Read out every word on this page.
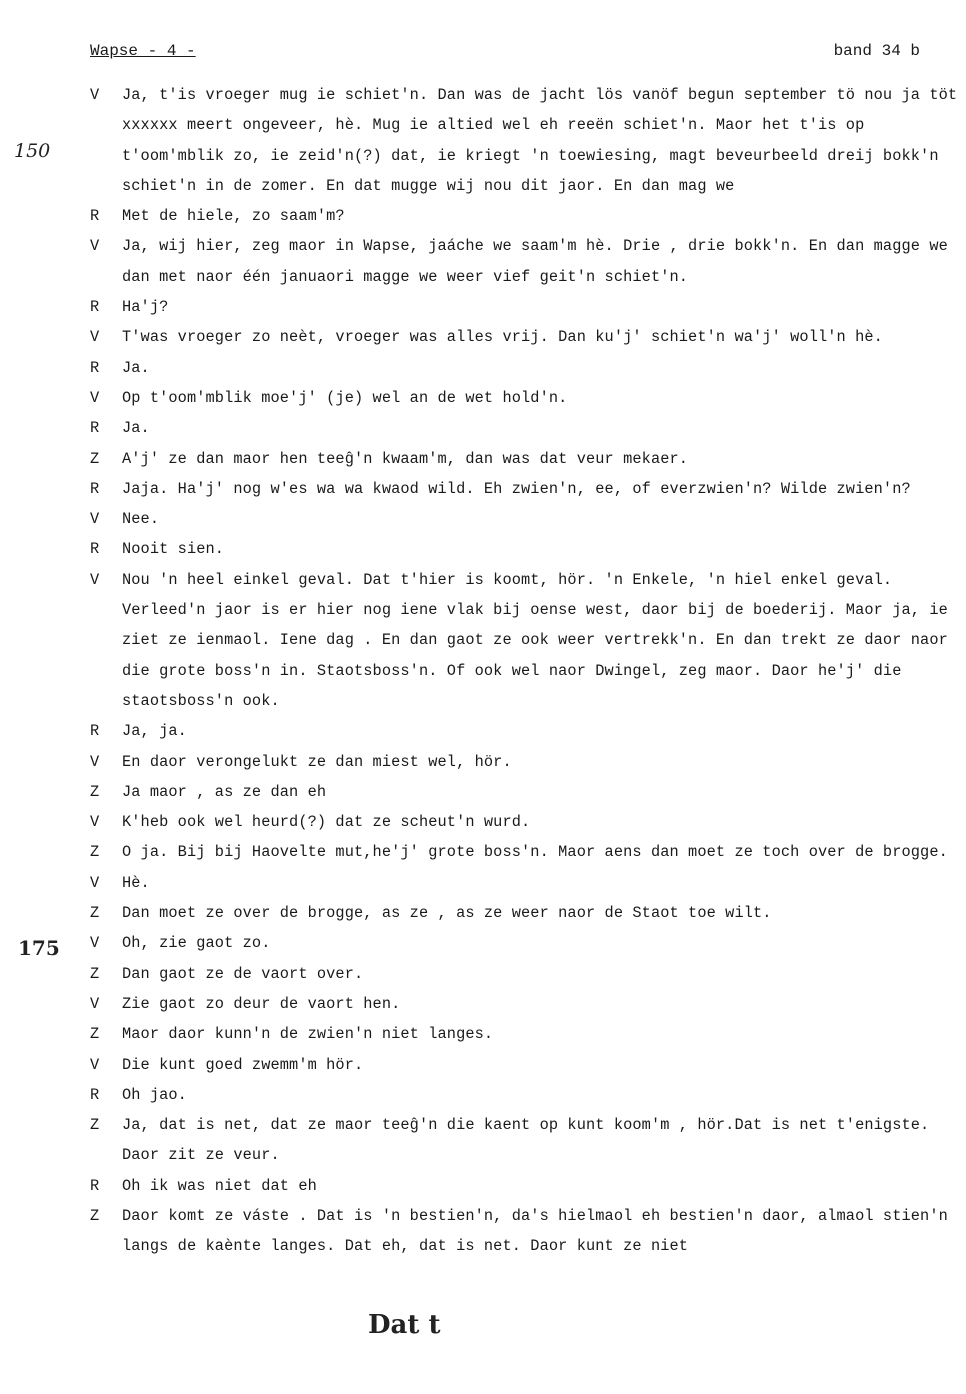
Wapse - 4 -	band 34 b
150
175
V Ja, t'is vroeger mug ie schiet'n. Dan was de jacht lös vanöf begun september tö nou ja töt xxxxxx meert ongeveer, hè. Mug ie altied wel eh reeën schiet'n. Maor het t'is op t'oom'mblik zo, ie zeid'n(?) dat, ie kriegt 'n toewiesing, magt beveurbeeld dreij bokk'n schiet'n in de zomer. En dat mugge wij nou dit jaor. En dan mag we
R Met de hiele, zo saam'm?
V Ja, wij hier, zeg maor in Wapse, jaáche we saam'm hè. Drie , drie bokk'n. En dan magge we dan met naor één januaori magge we weer vief geit'n schiet'n.
R Ha'j?
V T'was vroeger zo neèt, vroeger was alles vrij. Dan ku'j' schiet'n wa'j' woll'n hè.
R Ja.
V Op t'oom'mblik moe'j' (je) wel an de wet hold'n.
R Ja.
Z A'j' ze dan maor hen teeĝ'n kwaam'm, dan was dat veur mekaer.
R Jaja. Ha'j' nog w'es wa wa kwaod wild. Eh zwien'n, ee, of everzwien'n? Wilde zwien'n?
V Nee.
R Nooit sien.
V Nou 'n heel einkel geval. Dat t'hier is koomt, hör. 'n Enkele, 'n hiel enkel geval. Verleed'n jaor is er hier nog iene vlak bij oense west, daor bij de boederij. Maor ja, ie ziet ze ienmaol. Iene dag . En dan gaot ze ook weer vertrekk'n. En dan trekt ze daor naor die grote boss'n in. Staotsboss'n. Of ook wel naor Dwingel, zeg maor. Daor he'j' die staotsboss'n ook.
R Ja, ja.
V En daor verongelukt ze dan miest wel, hör.
Z Ja maor , as ze dan eh
V K'heb ook wel heurd(?) dat ze scheut'n wurd.
Z O ja. Bij bij Haovelte mut,he'j' grote boss'n. Maor aens dan moet ze toch over de brogge.
V Hè.
Z Dan moet ze over de brogge, as ze , as ze weer naor de Staot toe wilt.
V Oh, zie gaot zo.
Z Dan gaot ze de vaort over.
V Zie gaot zo deur de vaort hen.
Z Maor daor kunn'n de zwien'n niet langes.
V Die kunt goed zwemm'm hör.
R Oh jao.
Z Ja, dat is net, dat ze maor teeĝ'n die kaent op kunt koom'm , hör.Dat is net t'enigste. Daor zit ze veur.
R Oh ik was niet dat eh
Z Daor komt ze váste . Dat is 'n bestien'n, da's hielmaol eh bestien'n daor, almaol stien'n langs de kaènte langes. Dat eh, dat is net. Daor kunt ze niet
Dat t
